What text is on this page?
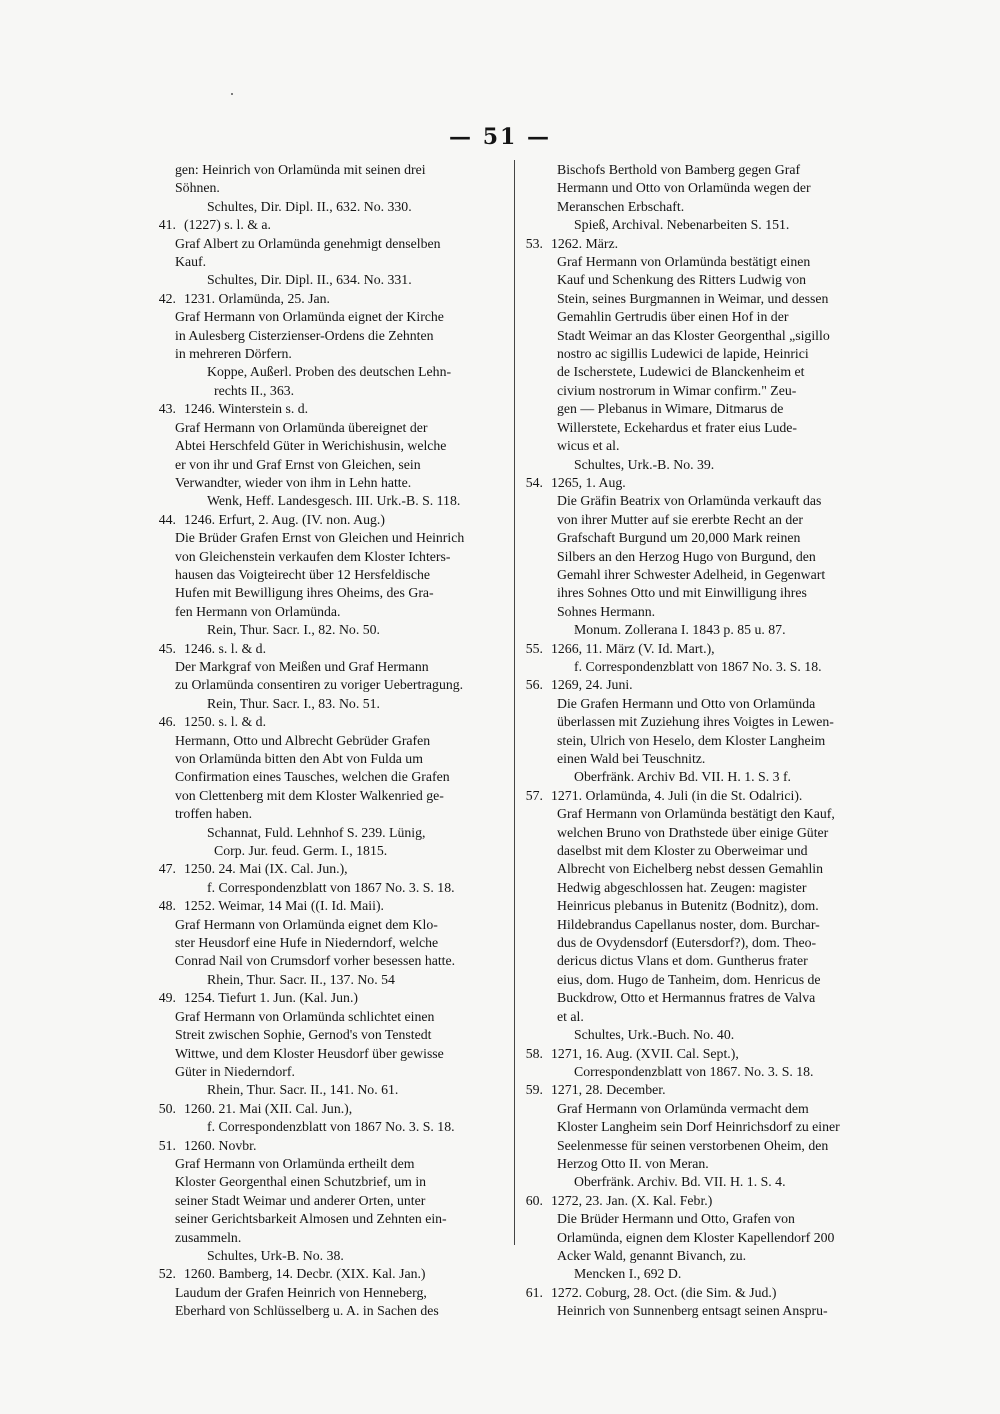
— 51 —
gen: Heinrich von Orlamünda mit seinen drei
Söhnen.
Schultes, Dir. Dipl. II., 632. No. 330.
41. (1227) s. l. & a.
Graf Albert zu Orlamünda genehmigt denselben
Kauf.
Schultes, Dir. Dipl. II., 634. No. 331.
42. 1231. Orlamünda, 25. Jan.
Graf Hermann von Orlamünda eignet der Kirche
in Aulesberg Cisterzienser-Ordens die Zehnten
in mehreren Dörfern.
Koppe, Außerl. Proben des deutschen Lehn-
rechts II., 363.
43. 1246. Winterstein s. d.
Graf Hermann von Orlamünda übereignet der
Abtei Herschfeld Güter in Werichishusin, welche
er von ihr und Graf Ernst von Gleichen, sein
Verwandter, wieder von ihm in Lehn hatte.
Wenk, Heff. Landesgesch. III. Urk.-B. S. 118.
44. 1246. Erfurt, 2. Aug. (IV. non. Aug.)
Die Brüder Grafen Ernst von Gleichen und Heinrich
von Gleichenstein verkaufen dem Kloster Ichters-
hausen das Voigteirecht über 12 Hersfeldische
Hufen mit Bewilligung ihres Oheims, des Gra-
fen Hermann von Orlamünda.
Rein, Thur. Sacr. I., 82. No. 50.
45. 1246. s. l. & d.
Der Markgraf von Meißen und Graf Hermann
zu Orlamünda consentiren zu voriger Uebertragung.
Rein, Thur. Sacr. I., 83. No. 51.
46. 1250. s. l. & d.
Hermann, Otto und Albrecht Gebrüder Grafen
von Orlamünda bitten den Abt von Fulda um
Confirmation eines Tausches, welchen die Grafen
von Clettenberg mit dem Kloster Walkenried ge-
troffen haben.
Schannat, Fuld. Lehnhof S. 239. Lünig,
Corp. Jur. feud. Germ. I., 1815.
47. 1250. 24. Mai (IX. Cal. Jun.),
f. Correspondenzblatt von 1867 No. 3. S. 18.
48. 1252. Weimar, 14 Mai ((I. Id. Maii).
Graf Hermann von Orlamünda eignet dem Klo-
ster Heusdorf eine Hufe in Niederndorf, welche
Conrad Nail von Crumsdorf vorher besessen hatte.
Rhein, Thur. Sacr. II., 137. No. 54
49. 1254. Tiefurt 1. Jun. (Kal. Jun.)
Graf Hermann von Orlamünda schlichtet einen
Streit zwischen Sophie, Gernod's von Tenstedt
Wittwe, und dem Kloster Heusdorf über gewisse
Güter in Niederndorf.
Rhein, Thur. Sacr. II., 141. No. 61.
50. 1260. 21. Mai (XII. Cal. Jun.),
f. Correspondenzblatt von 1867 No. 3. S. 18.
51. 1260. Novbr.
Graf Hermann von Orlamünda ertheilt dem
Kloster Georgenthal einen Schutzbrief, um in
seiner Stadt Weimar und anderer Orten, unter
seiner Gerichtsbarkeit Almosen und Zehnten ein-
zusammeln.
Schultes, Urk-B. No. 38.
52. 1260. Bamberg, 14. Decbr. (XIX. Kal. Jan.)
Laudum der Grafen Heinrich von Henneberg,
Eberhard von Schlüsselberg u. A. in Sachen des
Bischofs Berthold von Bamberg gegen Graf
Hermann und Otto von Orlamünda wegen der
Meranschen Erbschaft.
Spieß, Archival. Nebenarbeiten S. 151.
53. 1262. März.
Graf Hermann von Orlamünda bestätigt einen
Kauf und Schenkung des Ritters Ludwig von
Stein, seines Burgmannen in Weimar, und dessen
Gemahlin Gertrudis über einen Hof in der
Stadt Weimar an das Kloster Georgenthal „sigillo
nostro ac sigillis Ludewici de lapide, Heinrici
de Ischerstete, Ludewici de Blanckenheim et
civium nostrorum in Wimar confirm." Zeu-
gen — Plebanus in Wimare, Ditmarus de
Willerstete, Eckehardus et frater eius Lude-
wicus et al.
Schultes, Urk.-B. No. 39.
54. 1265, 1. Aug.
Die Gräfin Beatrix von Orlamünda verkauft das
von ihrer Mutter auf sie ererbte Recht an der
Grafschaft Burgund um 20,000 Mark reinen
Silbers an den Herzog Hugo von Burgund, den
Gemahl ihrer Schwester Adelheid, in Gegenwart
ihres Sohnes Otto und mit Einwilligung ihres
Sohnes Hermann.
Monum. Zollerana I. 1843 p. 85 u. 87.
55. 1266, 11. März (V. Id. Mart.),
f. Correspondenzblatt von 1867 No. 3. S. 18.
56. 1269, 24. Juni.
Die Grafen Hermann und Otto von Orlamünda
überlassen mit Zuziehung ihres Voigtes in Lewen-
stein, Ulrich von Heselo, dem Kloster Langheim
einen Wald bei Teuschnitz.
Oberfränk. Archiv Bd. VII. H. 1. S. 3 f.
57. 1271. Orlamünda, 4. Juli (in die St. Odalrici).
Graf Hermann von Orlamünda bestätigt den Kauf,
welchen Bruno von Drathstede über einige Güter
daselbst mit dem Kloster zu Oberweimar und
Albrecht von Eichelberg nebst dessen Gemahlin
Hedwig abgeschlossen hat. Zeugen: magister
Heinricus plebanus in Butenitz (Bodnitz), dom.
Hildebrandus Capellanus noster, dom. Burchar-
dus de Ovydensdorf (Eutersdorf?), dom. Theo-
dericus dictus Vlans et dom. Guntherus frater
eius, dom. Hugo de Tanheim, dom. Henricus de
Buckdrow, Otto et Hermannus fratres de Valva
et al.
Schultes, Urk.-Buch. No. 40.
58. 1271, 16. Aug. (XVII. Cal. Sept.),
Correspondenzblatt von 1867. No. 3. S. 18.
59. 1271, 28. December.
Graf Hermann von Orlamünda vermacht dem
Kloster Langheim sein Dorf Heinrichsdorf zu einer
Seelenmesse für seinen verstorbenen Oheim, den
Herzog Otto II. von Meran.
Oberfränk. Archiv. Bd. VII. H. 1. S. 4.
60. 1272, 23. Jan. (X. Kal. Febr.)
Die Brüder Hermann und Otto, Grafen von
Orlamünda, eignen dem Kloster Kapellendorf 200
Acker Wald, genannt Bivanch, zu.
Mencken I., 692 D.
61. 1272. Coburg, 28. Oct. (die Sim. & Jud.)
Heinrich von Sunnenberg entsagt seinen Anspru-
